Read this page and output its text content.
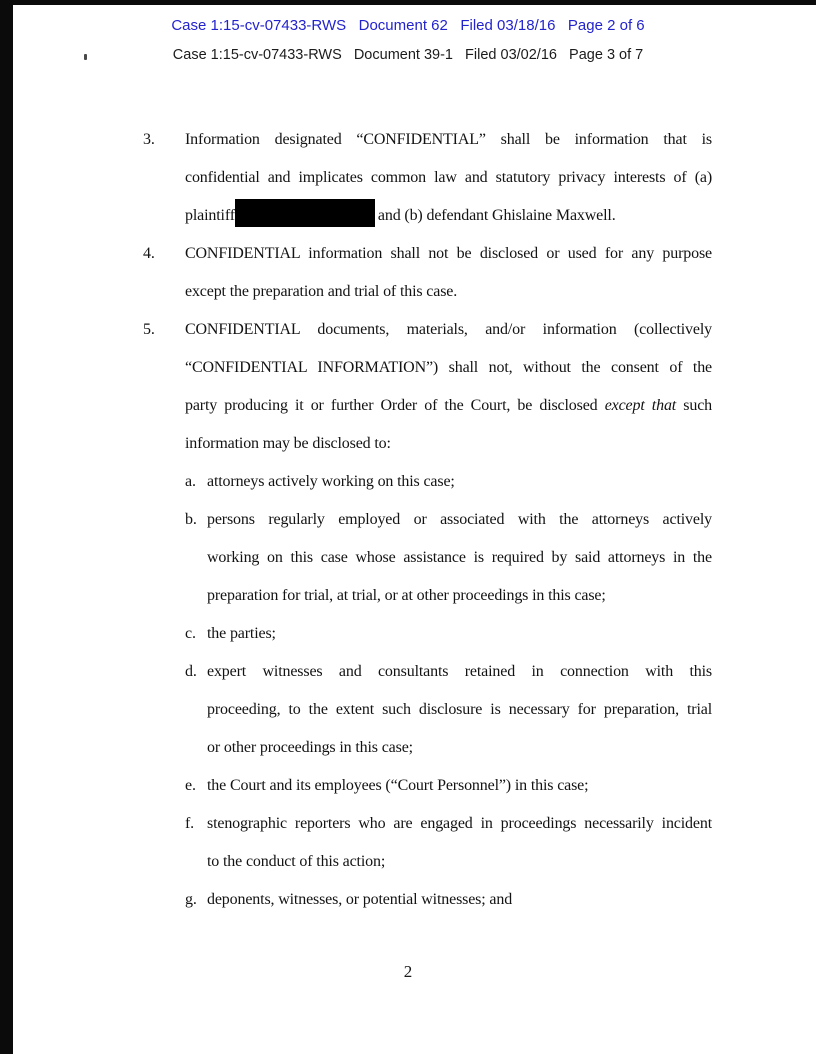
Case 1:15-cv-07433-RWS   Document 62   Filed 03/18/16   Page 2 of 6
Case 1:15-cv-07433-RWS   Document 39-1   Filed 03/02/16   Page 3 of 7
3. Information designated “CONFIDENTIAL” shall be information that is
confidential and implicates common law and statutory privacy interests of (a)
plaintiff	and (b) defendant Ghislaine Maxwell.
4. CONFIDENTIAL information shall not be disclosed or used for any purpose
except the preparation and trial of this case.
5. CONFIDENTIAL documents, materials, and/or information (collectively
“CONFIDENTIAL INFORMATION”) shall not, without the consent of the
party producing it or further Order of the Court, be disclosed except that such
information may be disclosed to:
a. attorneys actively working on this case;
b. persons regularly employed or associated with the attorneys actively
working on this case whose assistance is required by said attorneys in the
preparation for trial, at trial, or at other proceedings in this case;
c. the parties;
d. expert witnesses and consultants retained in connection with this
proceeding, to the extent such disclosure is necessary for preparation, trial
or other proceedings in this case;
e. the Court and its employees (“Court Personnel”) in this case;
f. stenographic reporters who are engaged in proceedings necessarily incident
to the conduct of this action;
g. deponents, witnesses, or potential witnesses; and
2
